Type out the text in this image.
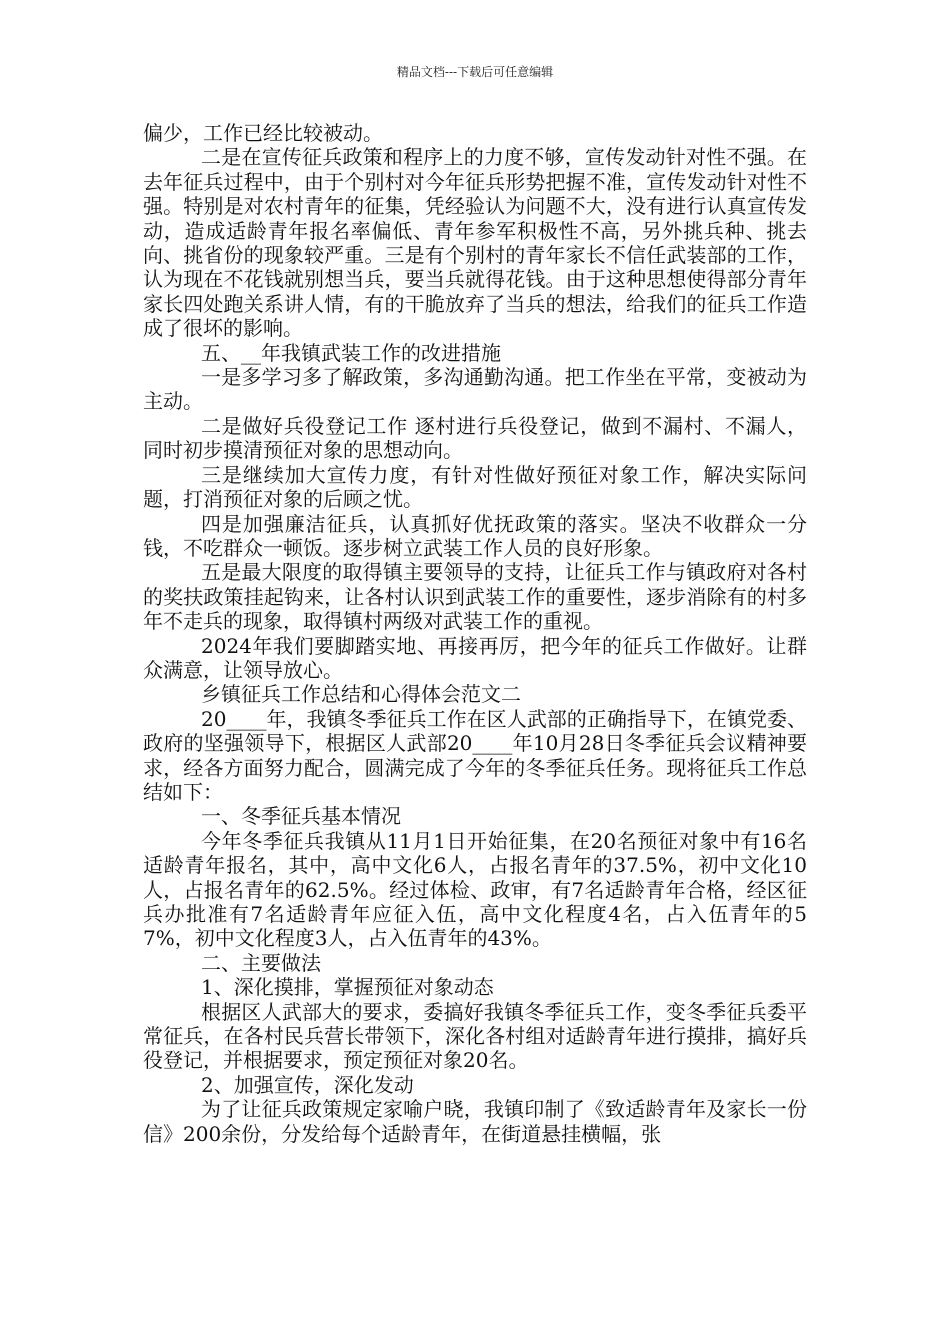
精品文档---下载后可任意编辑

偏少，工作已经比较被动。

二是在宣传征兵政策和程序上的力度不够，宣传发动针对性不强。在去年征兵过程中，由于个别村对今年征兵形势把握不准，宣传发动针对性不强。特别是对农村青年的征集，凭经验认为问题不大，没有进行认真宣传发动，造成适龄青年报名率偏低、青年参军积极性不高，另外挑兵种、挑去向、挑省份的现象较严重。三是有个别村的青年家长不信任武装部的工作，认为现在不花钱就别想当兵，要当兵就得花钱。由于这种思想使得部分青年家长四处跑关系讲人情，有的干脆放弃了当兵的想法，给我们的征兵工作造成了很坏的影响。

五、__年我镇武装工作的改进措施

一是多学习多了解政策，多沟通勤沟通。把工作坐在平常，变被动为主动。

二是做好兵役登记工作 逐村进行兵役登记，做到不漏村、不漏人，同时初步摸清预征对象的思想动向。

三是继续加大宣传力度，有针对性做好预征对象工作，解决实际问题，打消预征对象的后顾之忧。

四是加强廉洁征兵，认真抓好优抚政策的落实。坚决不收群众一分钱，不吃群众一顿饭。逐步树立武装工作人员的良好形象。

五是最大限度的取得镇主要领导的支持，让征兵工作与镇政府对各村的奖扶政策挂起钩来，让各村认识到武装工作的重要性，逐步消除有的村多年不走兵的现象，取得镇村两级对武装工作的重视。

2024年我们要脚踏实地、再接再厉，把今年的征兵工作做好。让群众满意，让领导放心。

乡镇征兵工作总结和心得体会范文二

20____年，我镇冬季征兵工作在区人武部的正确指导下，在镇党委、政府的坚强领导下，根据区人武部20____年10月28日冬季征兵会议精神要求，经各方面努力配合，圆满完成了今年的冬季征兵任务。现将征兵工作总结如下：

一、冬季征兵基本情况

今年冬季征兵我镇从11月1日开始征集，在20名预征对象中有16名适龄青年报名，其中，高中文化6人，占报名青年的37.5%，初中文化10人，占报名青年的62.5%。经过体检、政审，有7名适龄青年合格，经区征兵办批准有7名适龄青年应征入伍，高中文化程度4名，占入伍青年的57%，初中文化程度3人，占入伍青年的43%。

二、主要做法

1、深化摸排，掌握预征对象动态

根据区人武部大的要求，委搞好我镇冬季征兵工作，变冬季征兵委平常征兵，在各村民兵营长带领下，深化各村组对适龄青年进行摸排，搞好兵役登记，并根据要求，预定预征对象20名。

2、加强宣传，深化发动

为了让征兵政策规定家喻户晓，我镇印制了《致适龄青年及家长一份信》200余份，分发给每个适龄青年，在街道悬挂横幅，张
